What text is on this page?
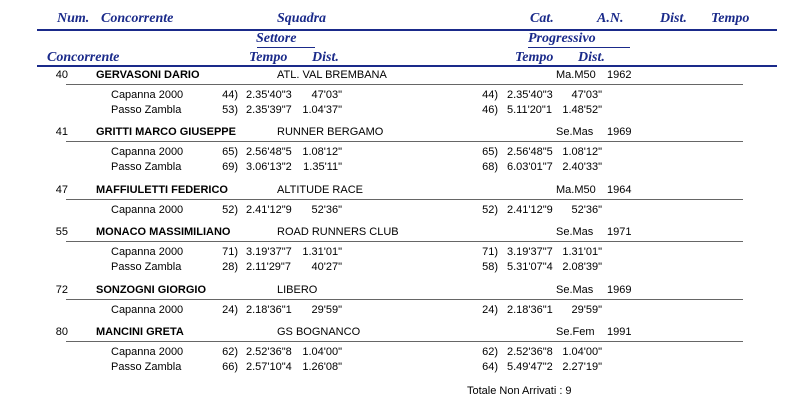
Num. Concorrente	Squadra	Cat.	A.N.	Dist. Tempo
Settore	Progressivo
Concorrente	Tempo Dist.	Tempo Dist.
40	GERVASONI DARIO	ATL. VAL BREMBANA	Ma.M50 1962
Capanna 2000	44) 2.35'40"3	47'03"	44) 2.35'40"3	47'03"
Passo Zambla	53) 2.35'39"7 1.04'37"	46) 5.11'20"1 1.48'52"
41	GRITTI MARCO GIUSEPPE	RUNNER BERGAMO	Se.Mas 1969
Capanna 2000	65) 2.56'48"5 1.08'12"	65) 2.56'48"5 1.08'12"
Passo Zambla	69) 3.06'13"2	1.35'11"	68) 6.03'01"7 2.40'33"
47	MAFFIULETTI FEDERICO	ALTITUDE RACE	Ma.M50 1964
Capanna 2000	52) 2.41'12"9	52'36"	52) 2.41'12"9	52'36"
55	MONACO MASSIMILIANO	ROAD RUNNERS CLUB	Se.Mas 1971
Capanna 2000	71) 3.19'37"7 1.31'01"	71) 3.19'37"7 1.31'01"
Passo Zambla	28) 2.11'29"7	40'27"	58) 5.31'07"4 2.08'39"
72	SONZOGNI GIORGIO	LIBERO	Se.Mas 1969
Capanna 2000	24) 2.18'36"1	29'59"	24) 2.18'36"1	29'59"
80	MANCINI GRETA	GS BOGNANCO	Se.Fem 1991
Capanna 2000	62) 2.52'36"8 1.04'00"	62) 2.52'36"8 1.04'00"
Passo Zambla	66) 2.57'10"4 1.26'08"	64) 5.49'47"2 2.27'19"
Totale Non Arrivati : 9
